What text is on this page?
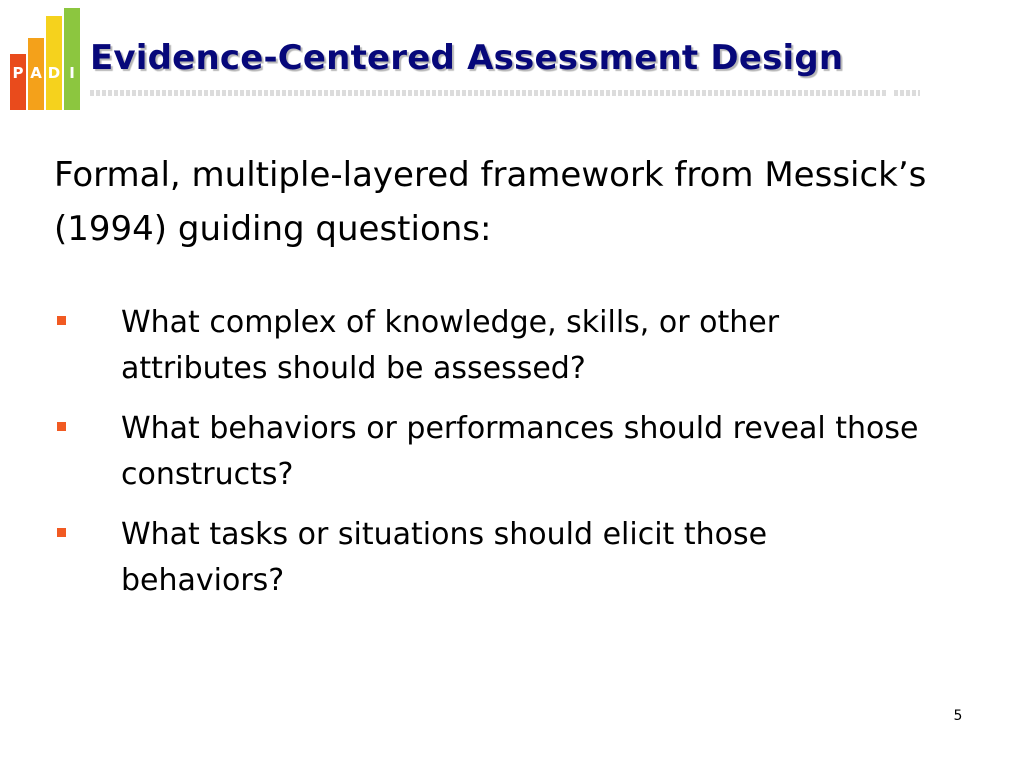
P A D I Evidence-Centered Assessment Design

Formal, multiple-layered framework from Messick’s (1994) guiding questions:

What complex of knowledge, skills, or other attributes should be assessed?
What behaviors or performances should reveal those constructs?
What tasks or situations should elicit those behaviors?
5
